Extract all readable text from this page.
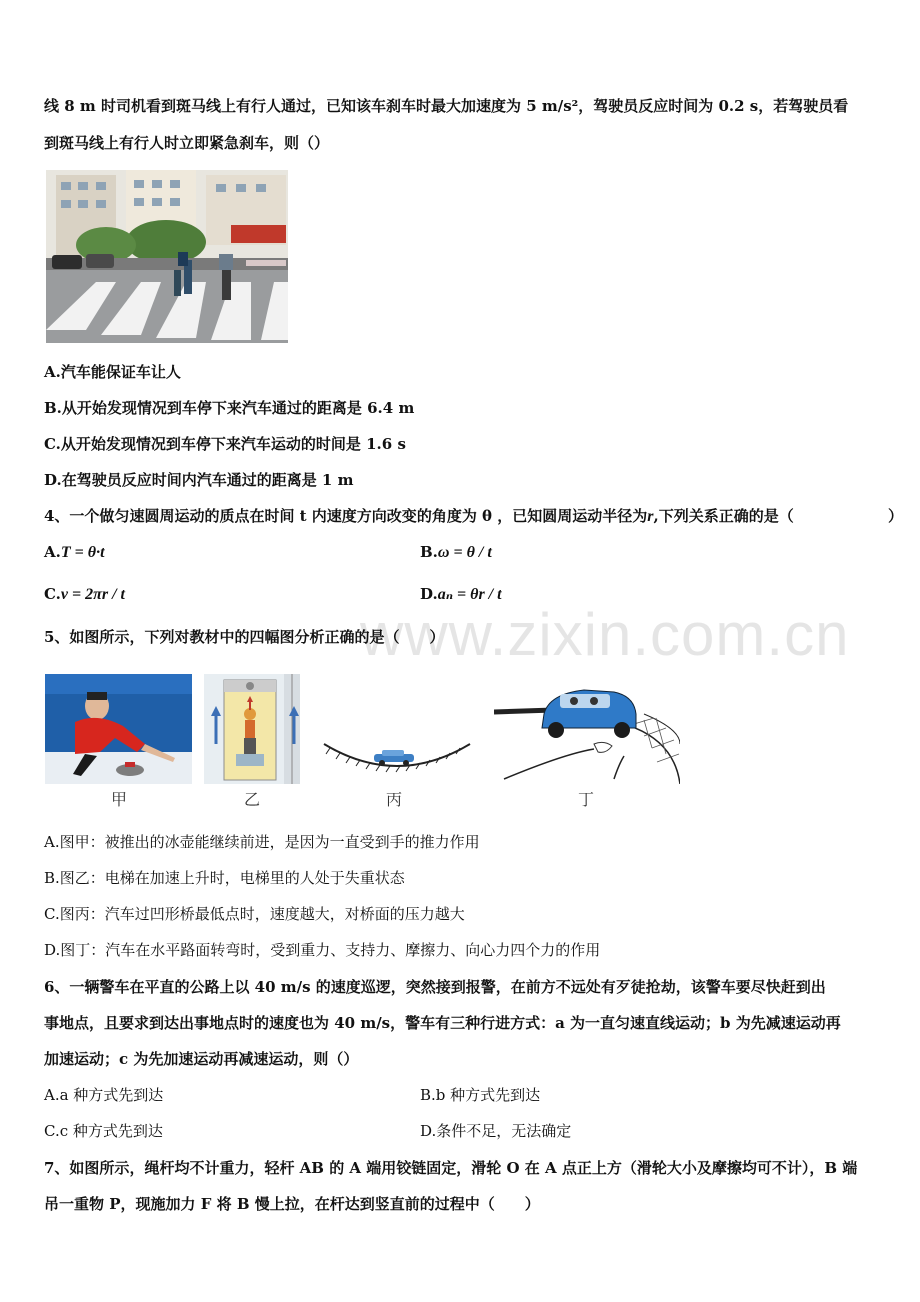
线 8 m 时司机看到斑马线上有行人通过，已知该车刹车时最大加速度为 5 m/s²，驾驶员反应时间为 0.2 s，若驾驶员看
到斑马线上有行人时立即紧急刹车，则（）
A.汽车能保证车让人
B.从开始发现情况到车停下来汽车通过的距离是 6.4 m
C.从开始发现情况到车停下来汽车运动的时间是 1.6 s
D.在驾驶员反应时间内汽车通过的距离是 1 m
4、一个做匀速圆周运动的质点在时间 t 内速度方向改变的角度为 θ ，已知圆周运动半径为r,下列关系正确的是（	）
A.T = θ·t	B.ω = θ / t
C.v = 2πr / t	D.aₙ = θr / t
www.zixin.com.cn
5、如图所示，下列对教材中的四幅图分析正确的是（　　）
甲	乙	丙	丁
A.图甲：被推出的冰壶能继续前进，是因为一直受到手的推力作用
B.图乙：电梯在加速上升时，电梯里的人处于失重状态
C.图丙：汽车过凹形桥最低点时，速度越大，对桥面的压力越大
D.图丁：汽车在水平路面转弯时，受到重力、支持力、摩擦力、向心力四个力的作用
6、一辆警车在平直的公路上以 40 m/s 的速度巡逻，突然接到报警，在前方不远处有歹徒抢劫，该警车要尽快赶到出
事地点，且要求到达出事地点时的速度也为 40 m/s，警车有三种行进方式：a 为一直匀速直线运动；b 为先减速运动再
加速运动；c 为先加速运动再减速运动，则（）
A.a 种方式先到达	B.b 种方式先到达
C.c 种方式先到达	D.条件不足，无法确定
7、如图所示，绳杆均不计重力，轻杆 AB 的 A 端用铰链固定，滑轮 O 在 A 点正上方（滑轮大小及摩擦均可不计），B 端
吊一重物 P，现施加力 F 将 B 慢上拉，在杆达到竖直前的过程中（　　）
